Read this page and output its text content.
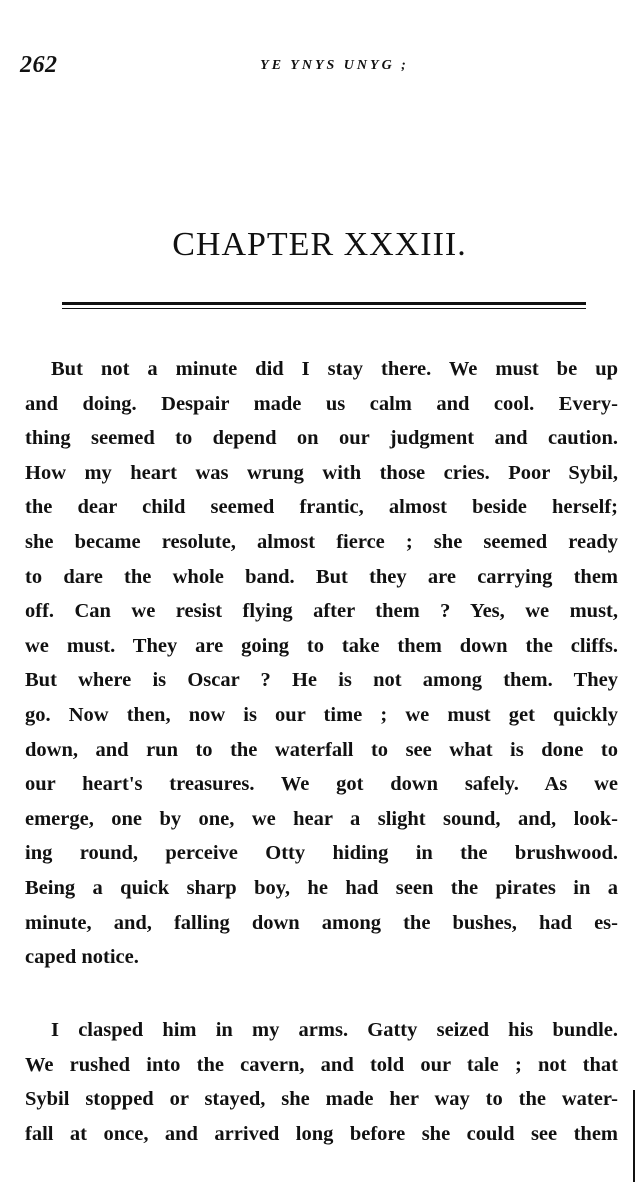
262	YE YNYS UNYG ;
CHAPTER XXXIII.

But not a minute did I stay there. We must be up
and doing. Despair made us calm and cool. Every-
thing seemed to depend on our judgment and caution.
How my heart was wrung with those cries. Poor Sybil,
the dear child seemed frantic, almost beside herself;
she became resolute, almost fierce ; she seemed ready
to dare the whole band. But they are carrying them
off. Can we resist flying after them ? Yes, we must,
we must. They are going to take them down the cliffs.
But where is Oscar ? He is not among them. They
go. Now then, now is our time ; we must get quickly
down, and run to the waterfall to see what is done to
our heart's treasures. We got down safely. As we
emerge, one by one, we hear a slight sound, and, look-
ing round, perceive Otty hiding in the brushwood.
Being a quick sharp boy, he had seen the pirates in a
minute, and, falling down among the bushes, had es-
caped notice.

I clasped him in my arms. Gatty seized his bundle.
We rushed into the cavern, and told our tale ; not that
Sybil stopped or stayed, she made her way to the water-
fall at once, and arrived long before she could see them
